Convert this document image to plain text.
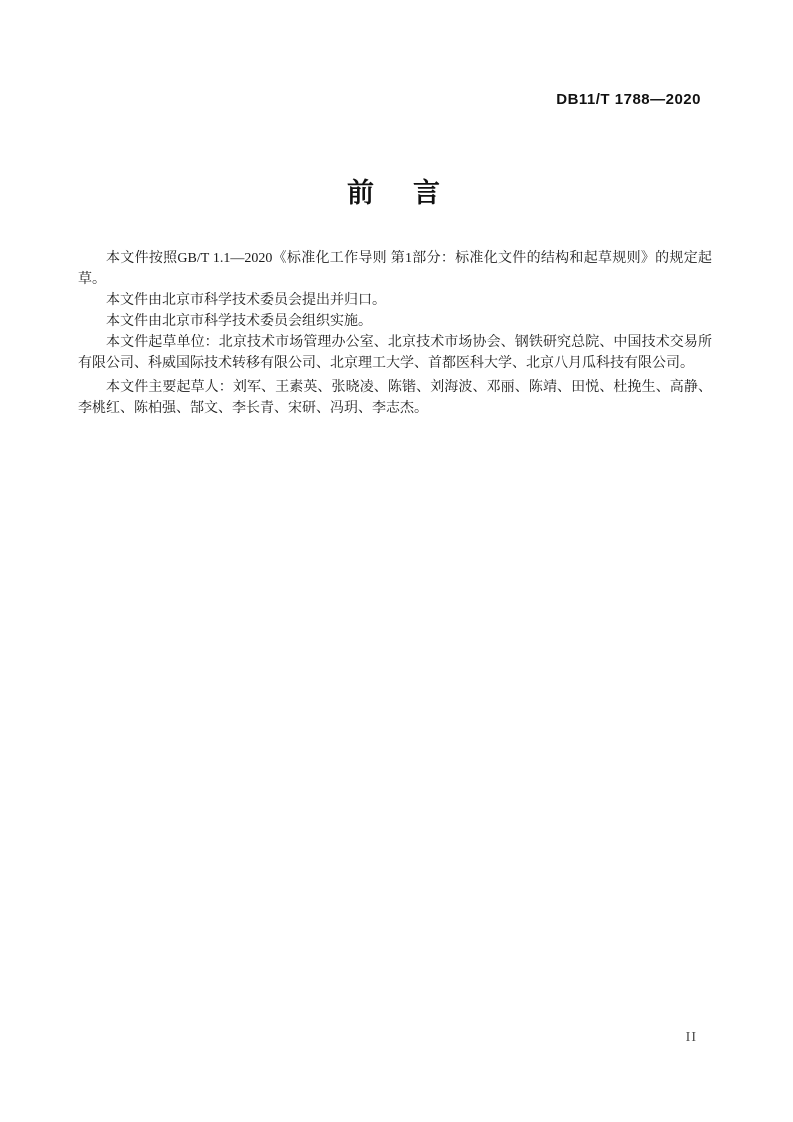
DB11/T 1788—2020
前　言

本文件按照GB/T 1.1—2020《标准化工作导则 第1部分：标准化文件的结构和起草规则》的规定起草。

本文件由北京市科学技术委员会提出并归口。

本文件由北京市科学技术委员会组织实施。

本文件起草单位：北京技术市场管理办公室、北京技术市场协会、钢铁研究总院、中国技术交易所有限公司、科威国际技术转移有限公司、北京理工大学、首都医科大学、北京八月瓜科技有限公司。

本文件主要起草人：刘军、王素英、张晓凌、陈锴、刘海波、邓丽、陈靖、田悦、杜挽生、高静、李桃红、陈柏强、郜文、李长青、宋研、冯玥、李志杰。

II
